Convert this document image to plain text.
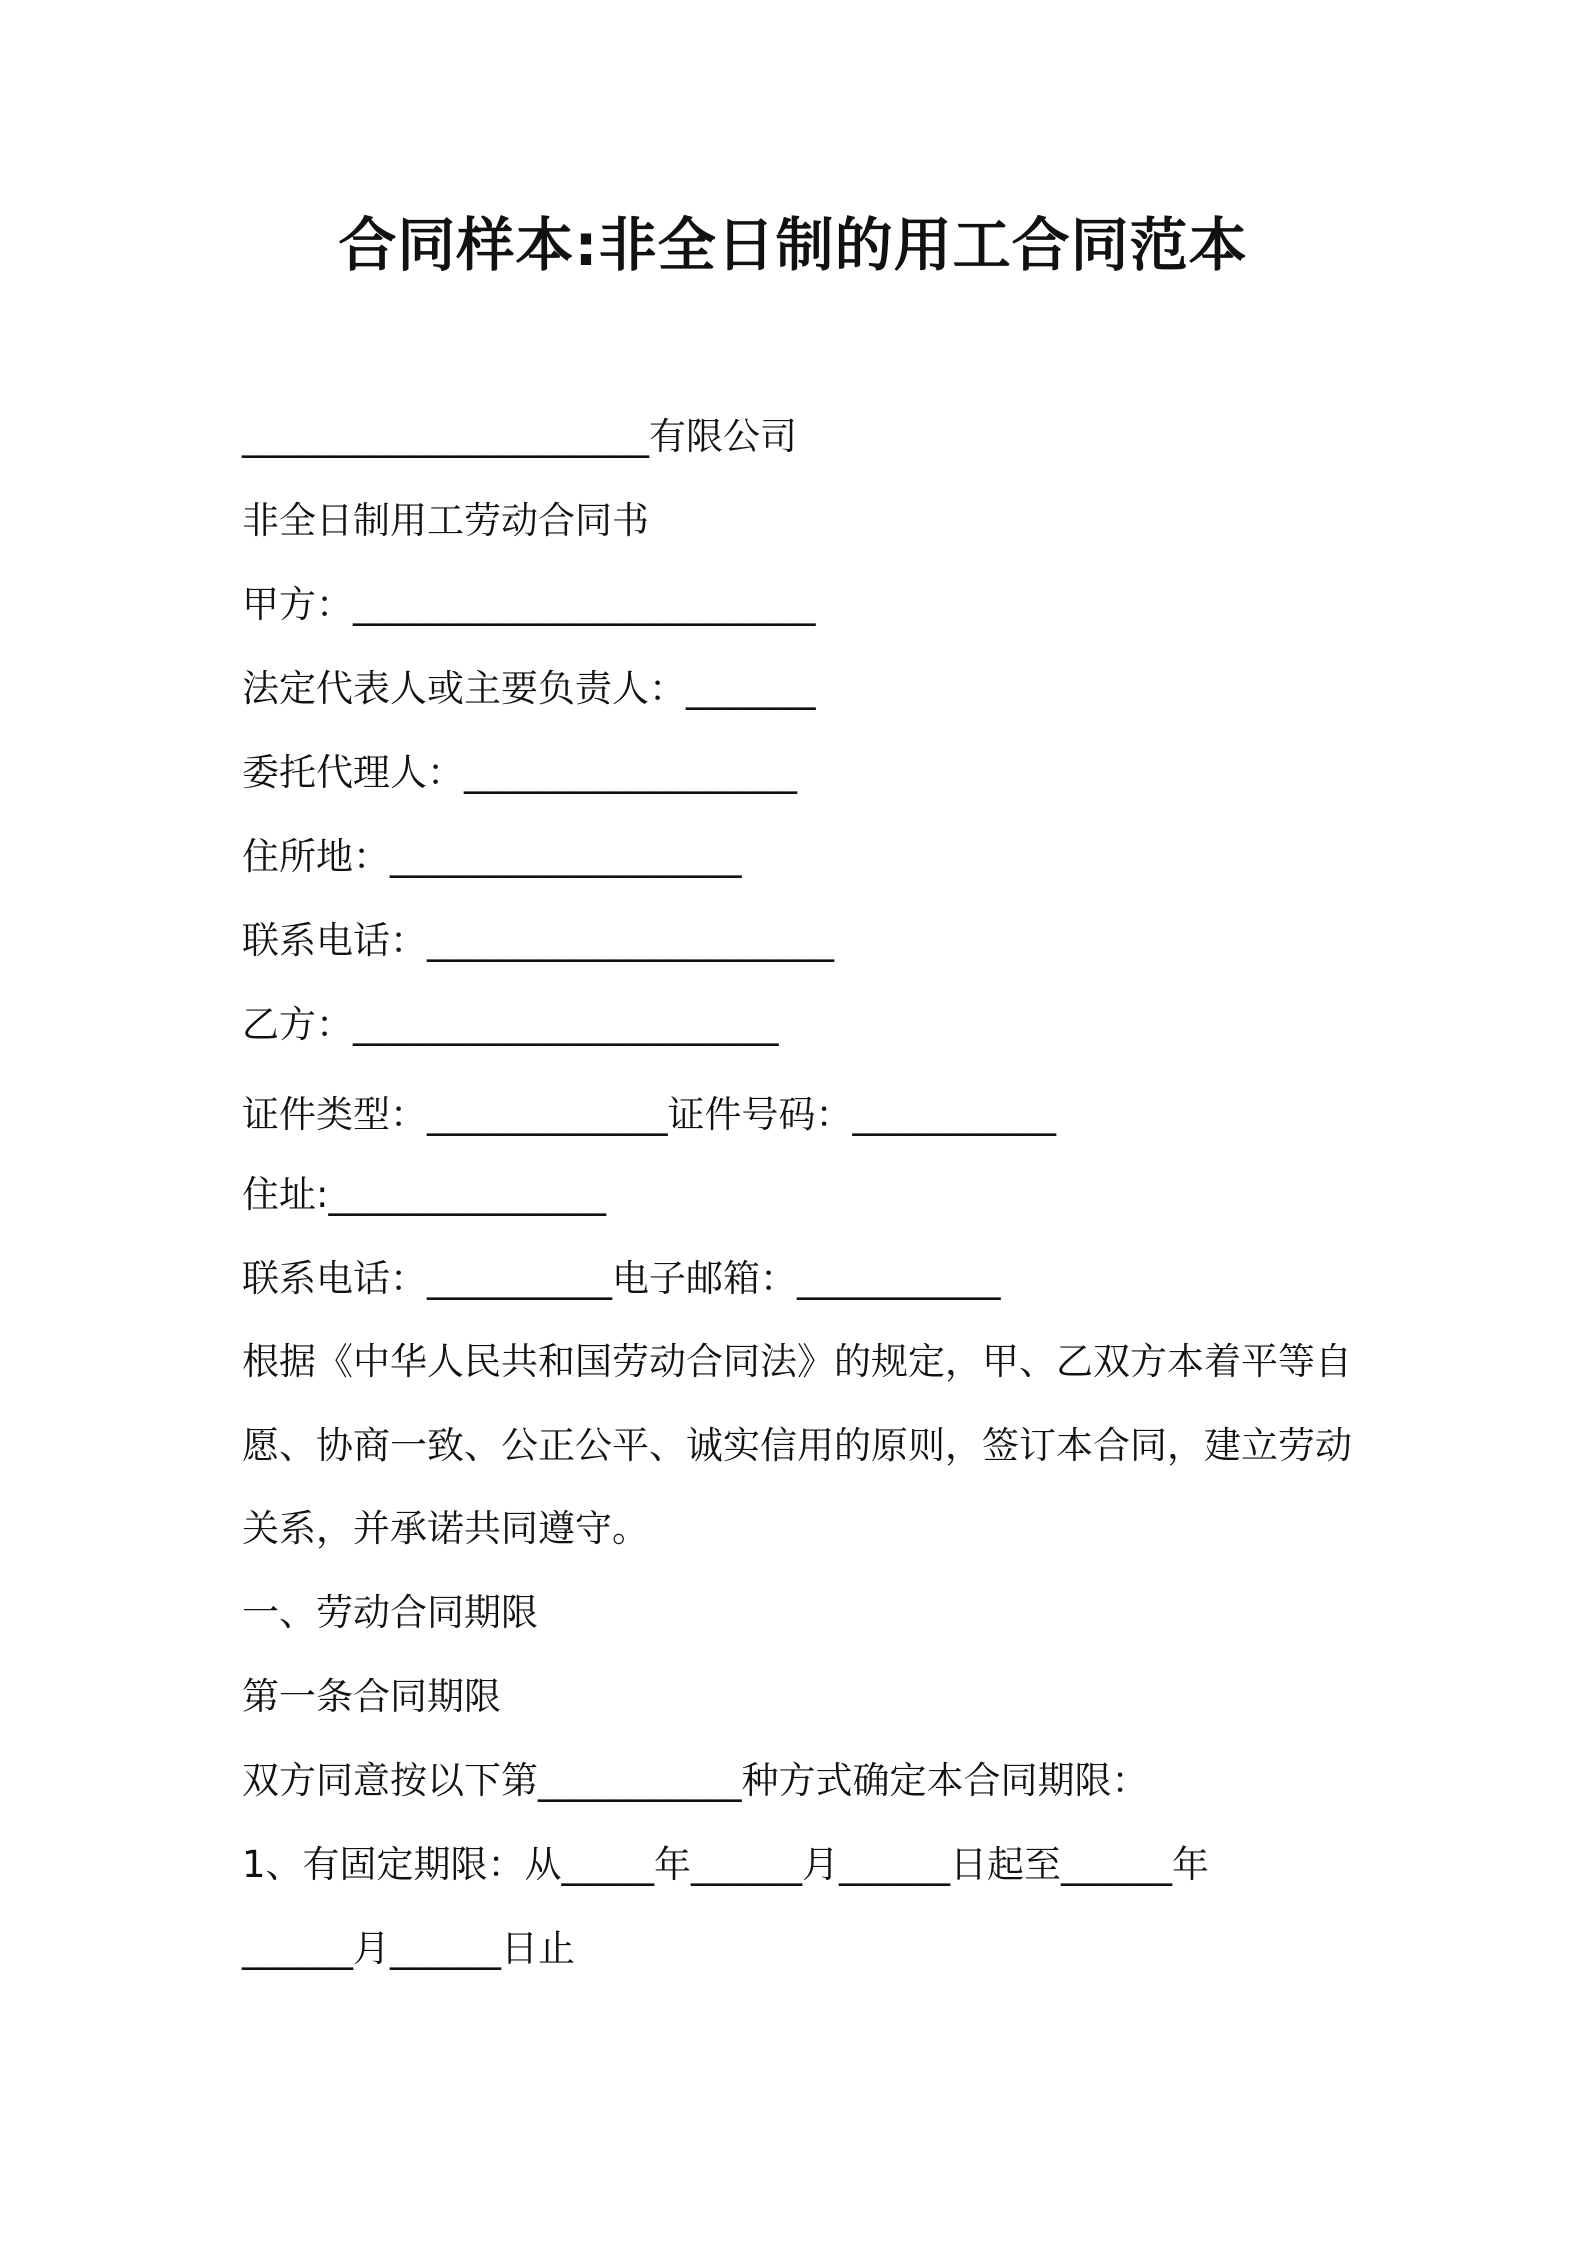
合同样本:非全日制的用工合同范本
______________________有限公司
非全日制用工劳动合同书
甲方：_________________________
法定代表人或主要负责人：_______
委托代理人：__________________
住所地：___________________
联系电话：______________________
乙方：_______________________
证件类型：_____________证件号码：___________
住址:_______________
联系电话：__________电子邮箱：___________
根据《中华人民共和国劳动合同法》的规定，甲、乙双方本着平等自愿、协商一致、公正公平、诚实信用的原则，签订本合同，建立劳动关系，并承诺共同遵守。
一、劳动合同期限
第一条合同期限
双方同意按以下第___________种方式确定本合同期限：
1、有固定期限：从_____年______月______日起至______年
______月______日止
